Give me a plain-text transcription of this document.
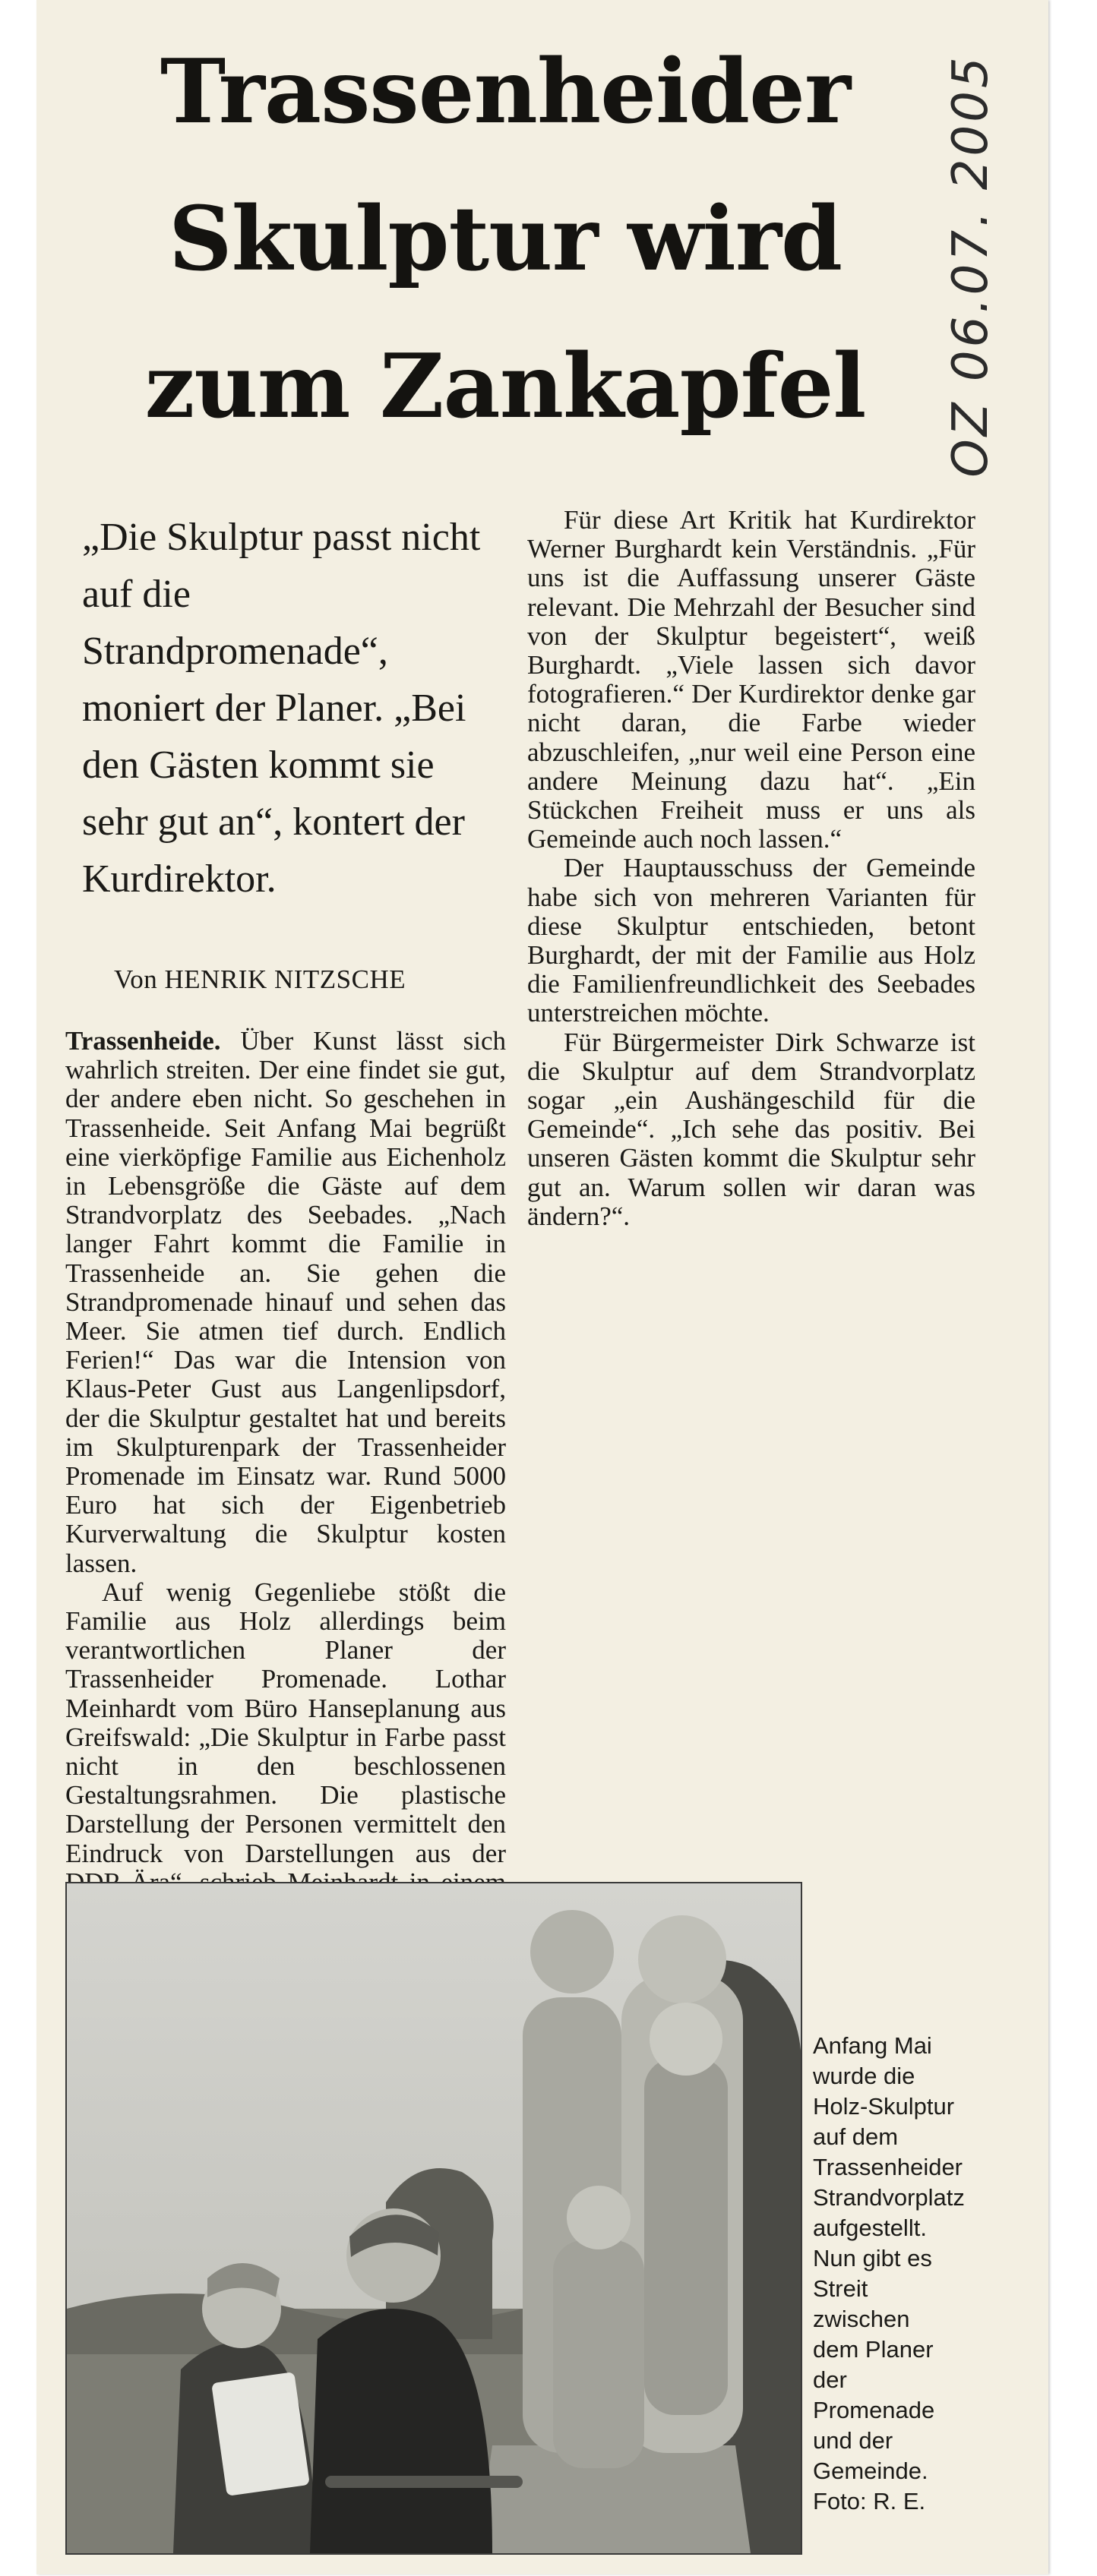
Trassenheider Skulptur wird zum Zankapfel	OZ 06.07. 2005
„Die Skulptur passt nicht auf die Strandpromenade“, moniert der Planer. „Bei den Gästen kommt sie sehr gut an“, kontert der Kurdirektor.
Von HENRIK NITZSCHE

Trassenheide. Über Kunst lässt sich wahrlich streiten. Der eine findet sie gut, der andere eben nicht. So geschehen in Trassenheide. Seit Anfang Mai begrüßt eine vierköpfige Familie aus Eichenholz in Lebensgröße die Gäste auf dem Strandvorplatz des Seebades. „Nach langer Fahrt kommt die Familie in Trassenheide an. Sie gehen die Strandpromenade hinauf und sehen das Meer. Sie atmen tief durch. Endlich Ferien!“ Das war die Intension von Klaus-Peter Gust aus Langenlipsdorf, der die Skulptur gestaltet hat und bereits im Skulpturenpark der Trassenheider Promenade im Einsatz war. Rund 5000 Euro hat sich der Eigenbetrieb Kurverwaltung die Skulptur kosten lassen.

Auf wenig Gegenliebe stößt die Familie aus Holz allerdings beim verantwortlichen Planer der Trassenheider Promenade. Lothar Meinhardt vom Büro Hanseplanung aus Greifswald: „Die Skulptur in Farbe passt nicht in den beschlossenen Gestaltungsrahmen. Die plastische Darstellung der Personen vermittelt den Eindruck von Darstellungen aus der

Für diese Art Kritik hat Kurdirektor Werner Burghardt kein Verständnis. „Für uns ist die Auffassung unserer Gäste relevant. Die Mehrzahl der Besucher sind von der Skulptur begeistert“, weiß Burghardt. „Viele lassen sich davor fotografieren.“ Der Kurdirektor denke gar nicht daran, die Farbe wieder abzuschleifen, „nur weil eine Person eine andere Meinung dazu hat“. „Ein Stückchen Freiheit muss er uns als Gemeinde auch noch lassen.“

Der Hauptausschuss der Gemeinde habe sich von mehreren Varianten für diese Skulptur entschieden, betont Burghardt, der mit der Familie aus Holz die Familienfreundlichkeit des Seebades unterstreichen möchte.

Für Bürgermeister Dirk Schwarze ist die Skulptur auf dem Strandvorplatz sogar „ein Aushängeschild für die Gemeinde“. „Ich sehe das positiv. Bei unseren Gästen kommt die Skulptur sehr gut an. Warum sollen wir daran was ändern?“.

Anfang Mai wurde die Holz-Skulptur auf dem Trassenheider Strandvorplatz aufgestellt. Nun gibt es Streit zwischen dem Planer der Promenade und der Gemeinde. Foto: R. E.
